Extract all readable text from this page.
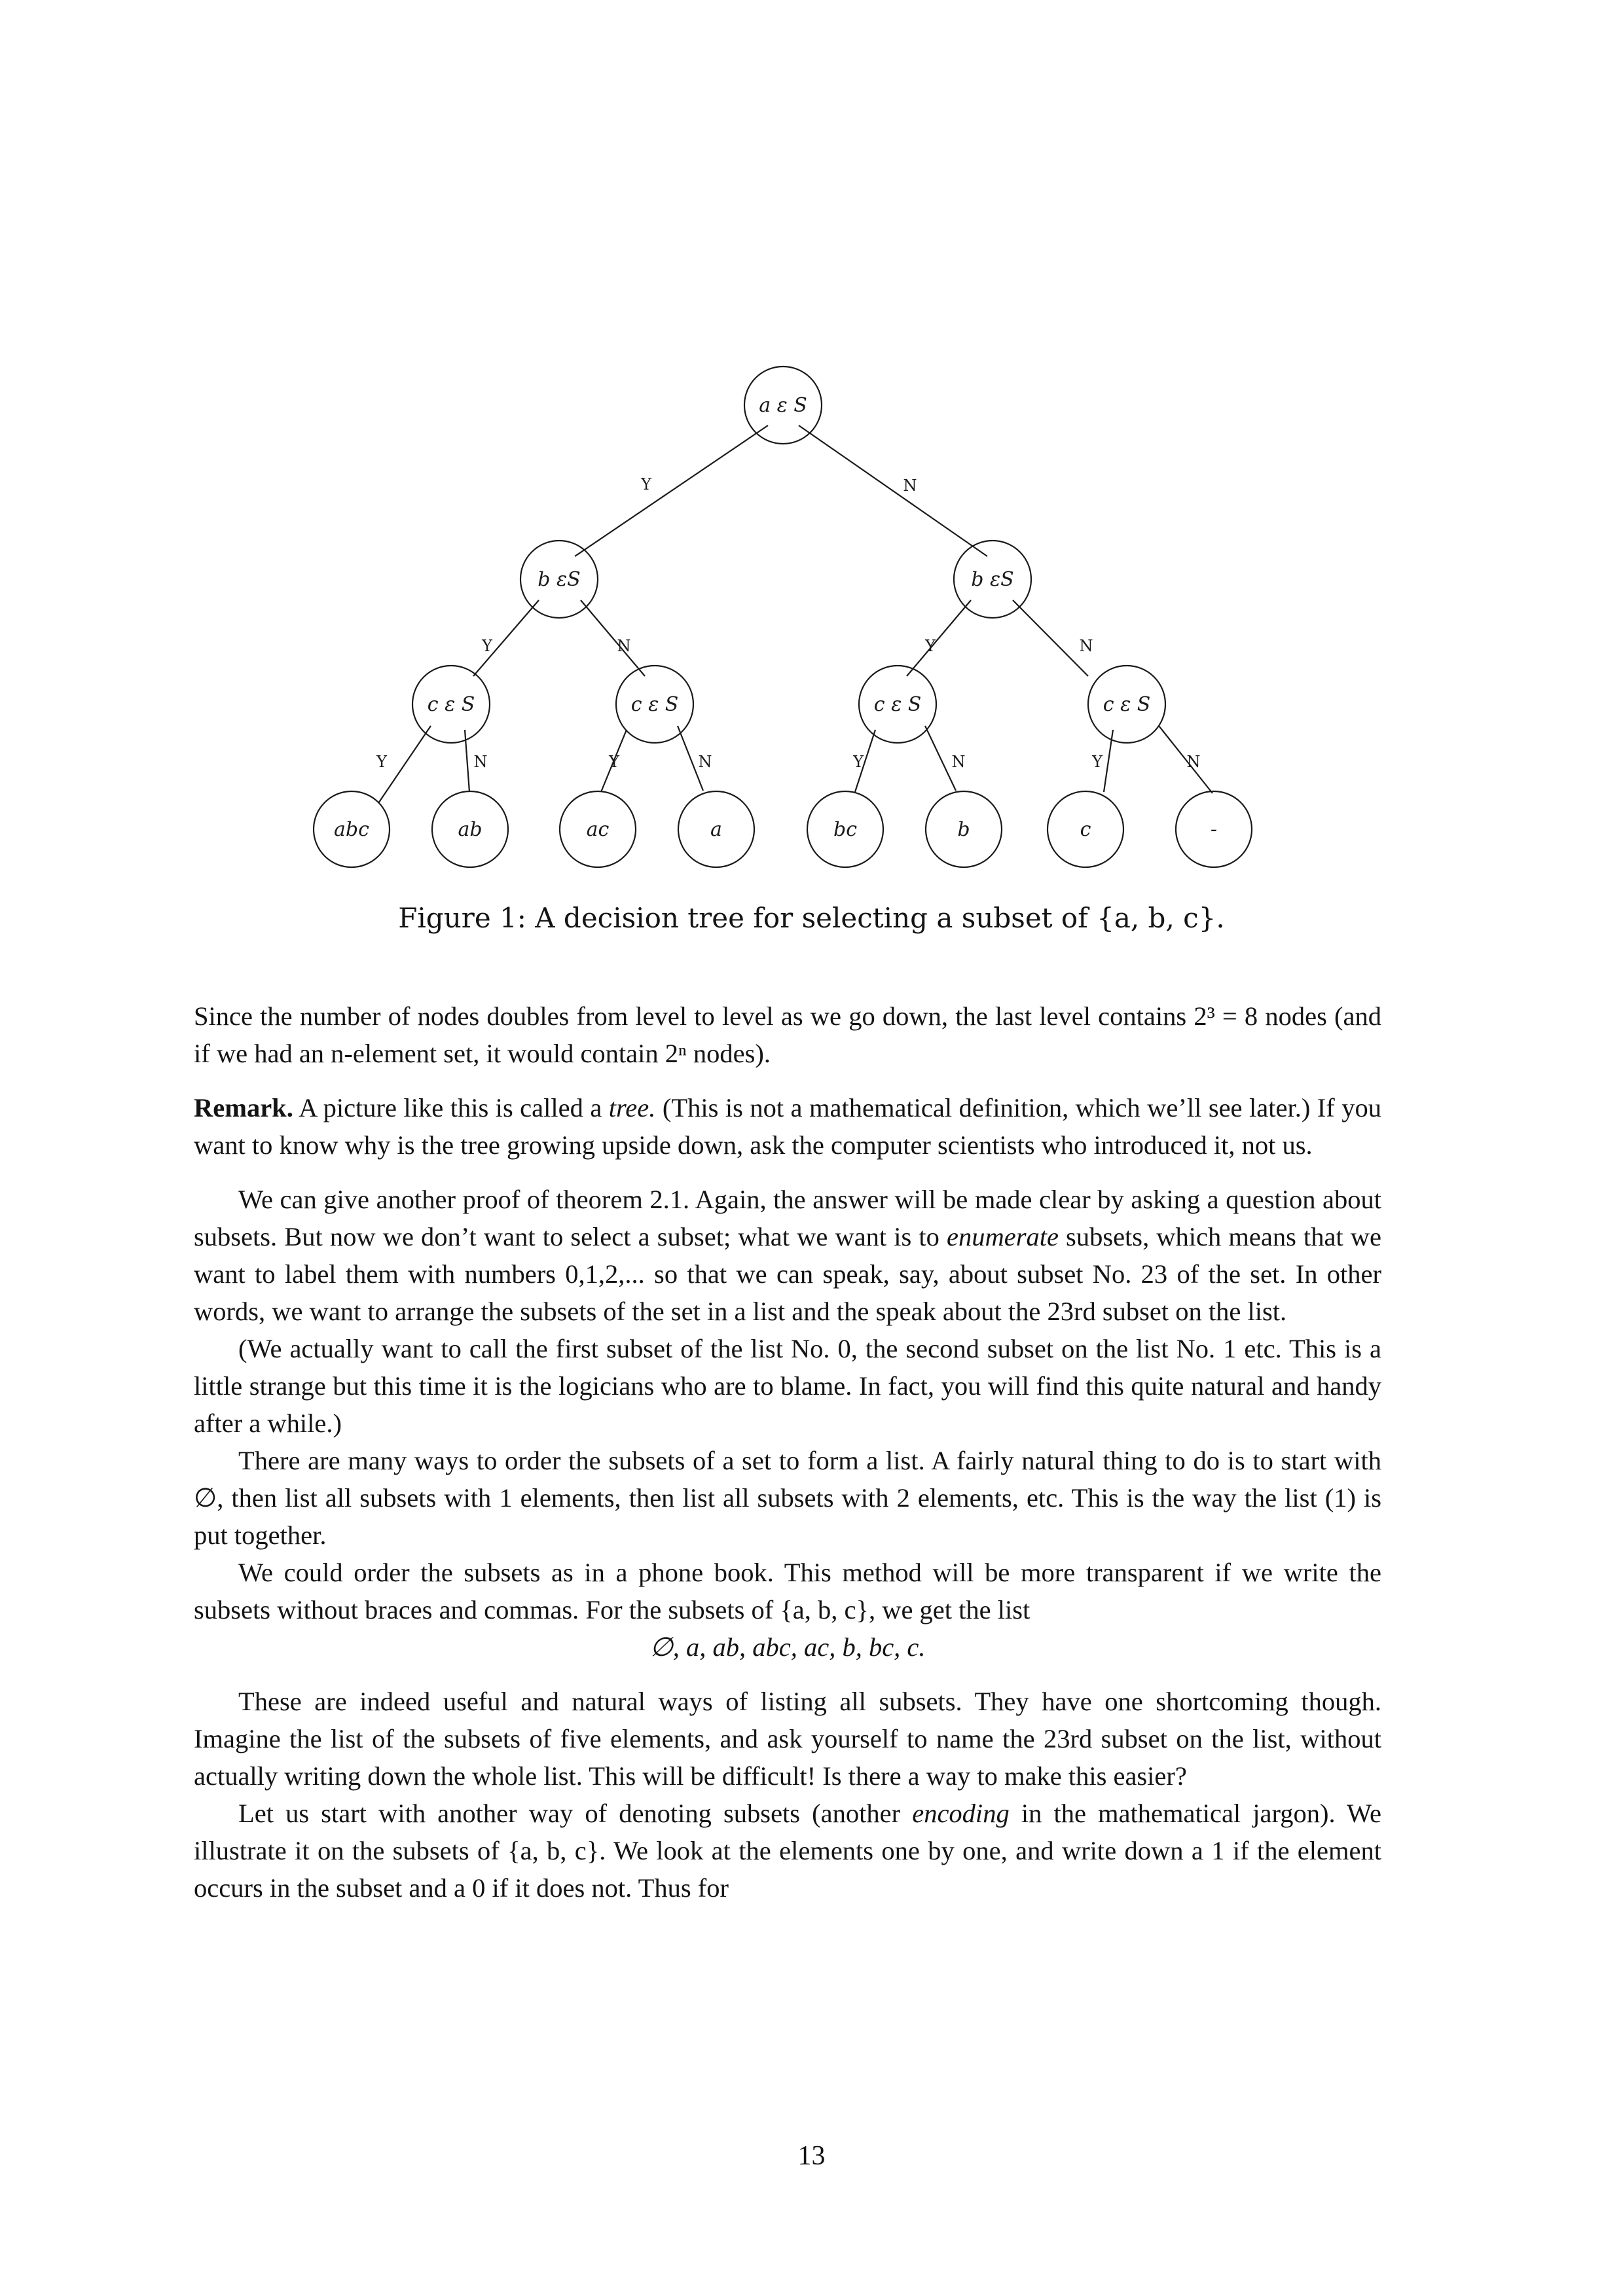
a ε S
b εS	b εS
c ε S	c ε S	c ε S	c ε S
abc	ab	ac	a	bc	b	c	-
Y	N
Y	N	Y	N
Y	N	Y	N	Y	N	Y	N
Figure 1: A decision tree for selecting a subset of {a, b, c}.

Since the number of nodes doubles from level to level as we go down, the last level contains 2³ = 8 nodes (and if we had an n-element set, it would contain 2ⁿ nodes).

Remark. A picture like this is called a tree. (This is not a mathematical definition, which we’ll see later.) If you want to know why is the tree growing upside down, ask the computer scientists who introduced it, not us.

We can give another proof of theorem 2.1. Again, the answer will be made clear by asking a question about subsets. But now we don’t want to select a subset; what we want is to enumerate subsets, which means that we want to label them with numbers 0,1,2,... so that we can speak, say, about subset No. 23 of the set. In other words, we want to arrange the subsets of the set in a list and the speak about the 23rd subset on the list.

(We actually want to call the first subset of the list No. 0, the second subset on the list No. 1 etc. This is a little strange but this time it is the logicians who are to blame. In fact, you will find this quite natural and handy after a while.)

There are many ways to order the subsets of a set to form a list. A fairly natural thing to do is to start with ∅, then list all subsets with 1 elements, then list all subsets with 2 elements, etc. This is the way the list (1) is put together.

We could order the subsets as in a phone book. This method will be more transparent if we write the subsets without braces and commas. For the subsets of {a, b, c}, we get the list

∅, a, ab, abc, ac, b, bc, c.

These are indeed useful and natural ways of listing all subsets. They have one shortcoming though. Imagine the list of the subsets of five elements, and ask yourself to name the 23rd subset on the list, without actually writing down the whole list. This will be difficult! Is there a way to make this easier?

Let us start with another way of denoting subsets (another encoding in the mathematical jargon). We illustrate it on the subsets of {a, b, c}. We look at the elements one by one, and write down a 1 if the element occurs in the subset and a 0 if it does not. Thus for

13
